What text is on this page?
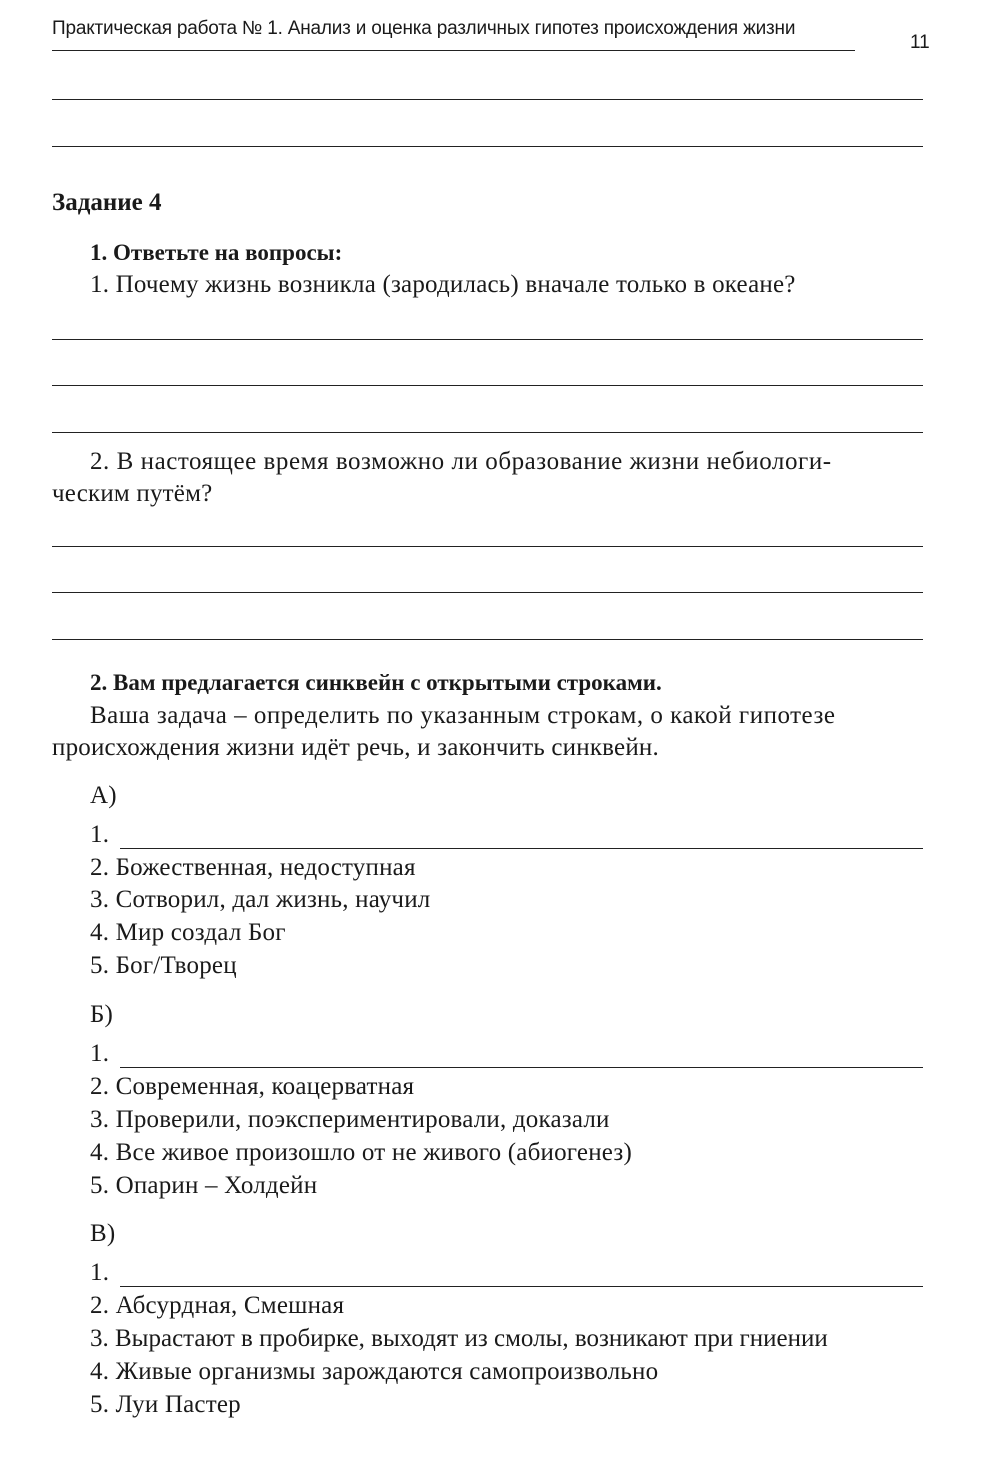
Практическая работа № 1. Анализ и оценка различных гипотез происхождения жизни
11
Задание 4
1. Ответьте на вопросы:
1. Почему жизнь возникла (зародилась) вначале только в океане?
2. В настоящее время возможно ли образование жизни небиологи-
ческим путём?
2. Вам предлагается синквейн с открытыми строками.
Ваша задача – определить по указанным строкам, о какой гипотезе
происхождения жизни идёт речь, и закончить синквейн.
А)
1.
2. Божественная, недоступная
3. Сотворил, дал жизнь, научил
4. Мир создал Бог
5. Бог/Творец
Б)
1.
2. Современная, коацерватная
3. Проверили, поэкспериментировали, доказали
4. Все живое произошло от не живого (абиогенез)
5. Опарин – Холдейн
В)
1.
2. Абсурдная, Смешная
3. Вырастают в пробирке, выходят из смолы, возникают при гниении
4. Живые организмы зарождаются самопроизвольно
5. Луи Пастер
